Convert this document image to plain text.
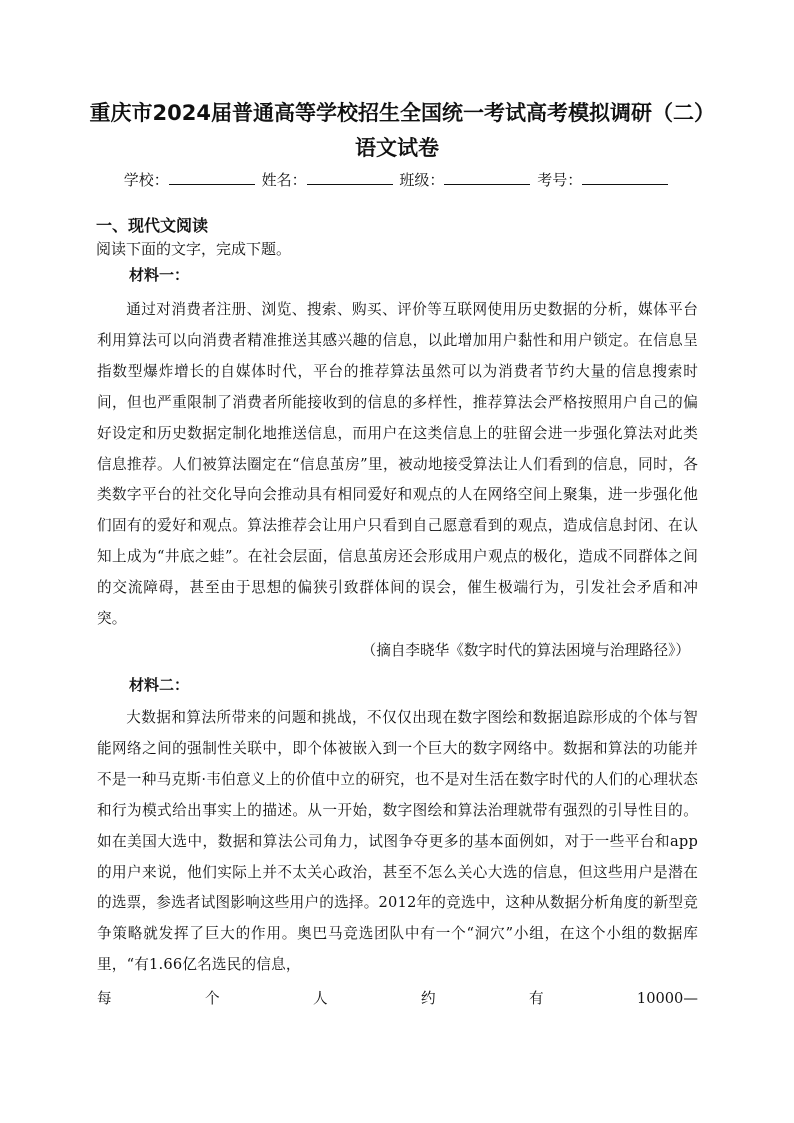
重庆市2024届普通高等学校招生全国统一考试高考模拟调研（二）语文试卷
学校：	姓名：	班级：	考号：
一、现代文阅读
阅读下面的文字，完成下题。
材料一：
通过对消费者注册、浏览、搜索、购买、评价等互联网使用历史数据的分析，媒体平台利用算法可以向消费者精准推送其感兴趣的信息，以此增加用户黏性和用户锁定。在信息呈指数型爆炸增长的自媒体时代，平台的推荐算法虽然可以为消费者节约大量的信息搜索时间，但也严重限制了消费者所能接收到的信息的多样性，推荐算法会严格按照用户自己的偏好设定和历史数据定制化地推送信息，而用户在这类信息上的驻留会进一步强化算法对此类信息推荐。人们被算法圈定在“信息茧房”里，被动地接受算法让人们看到的信息，同时，各类数字平台的社交化导向会推动具有相同爱好和观点的人在网络空间上聚集，进一步强化他们固有的爱好和观点。算法推荐会让用户只看到自己愿意看到的观点，造成信息封闭、在认知上成为“井底之蛙”。在社会层面，信息茧房还会形成用户观点的极化，造成不同群体之间的交流障碍，甚至由于思想的偏狭引致群体间的误会，催生极端行为，引发社会矛盾和冲突。
（摘自李晓华《数字时代的算法困境与治理路径》）
材料二：
大数据和算法所带来的问题和挑战，不仅仅出现在数字图绘和数据追踪形成的个体与智能网络之间的强制性关联中，即个体被嵌入到一个巨大的数字网络中。数据和算法的功能并不是一种马克斯·韦伯意义上的价值中立的研究，也不是对生活在数字时代的人们的心理状态和行为模式给出事实上的描述。从一开始，数字图绘和算法治理就带有强烈的引导性目的。如在美国大选中，数据和算法公司角力，试图争夺更多的基本面例如，对于一些平台和app的用户来说，他们实际上并不太关心政治，甚至不怎么关心大选的信息，但这些用户是潜在的选票，参选者试图影响这些用户的选择。2012年的竞选中，这种从数据分析角度的新型竞争策略就发挥了巨大的作用。奥巴马竞选团队中有一个“洞穴”小组，在这个小组的数据库里，“有1.66亿名选民的信息，
每	个	人	约	有	10000—
